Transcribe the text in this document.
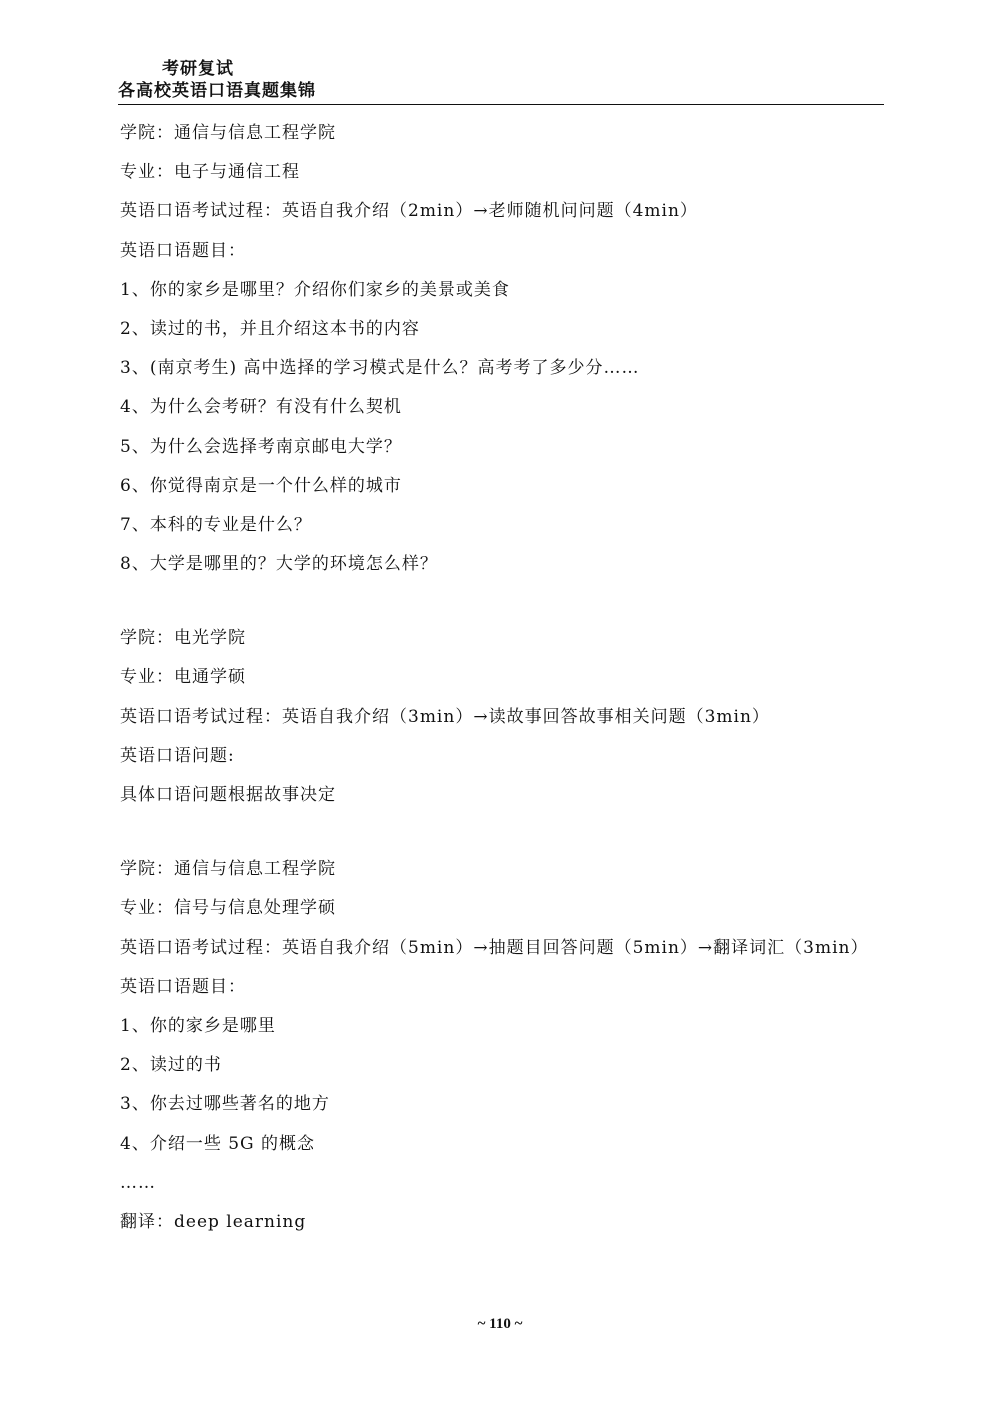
考研复试
各高校英语口语真题集锦
学院：通信与信息工程学院
专业：电子与通信工程
英语口语考试过程：英语自我介绍（2min）→老师随机问问题（4min）
英语口语题目：
1、你的家乡是哪里？介绍你们家乡的美景或美食
2、读过的书，并且介绍这本书的内容
3、(南京考生) 高中选择的学习模式是什么？高考考了多少分……
4、为什么会考研？有没有什么契机
5、为什么会选择考南京邮电大学？
6、你觉得南京是一个什么样的城市
7、本科的专业是什么？
8、大学是哪里的？大学的环境怎么样？
学院：电光学院
专业：电通学硕
英语口语考试过程：英语自我介绍（3min）→读故事回答故事相关问题（3min）
英语口语问题:
具体口语问题根据故事决定
学院：通信与信息工程学院
专业：信号与信息处理学硕
英语口语考试过程：英语自我介绍（5min）→抽题目回答问题（5min）→翻译词汇（3min）
英语口语题目：
1、你的家乡是哪里
2、读过的书
3、你去过哪些著名的地方
4、介绍一些 5G 的概念
……
翻译：deep learning
~ 110 ~
